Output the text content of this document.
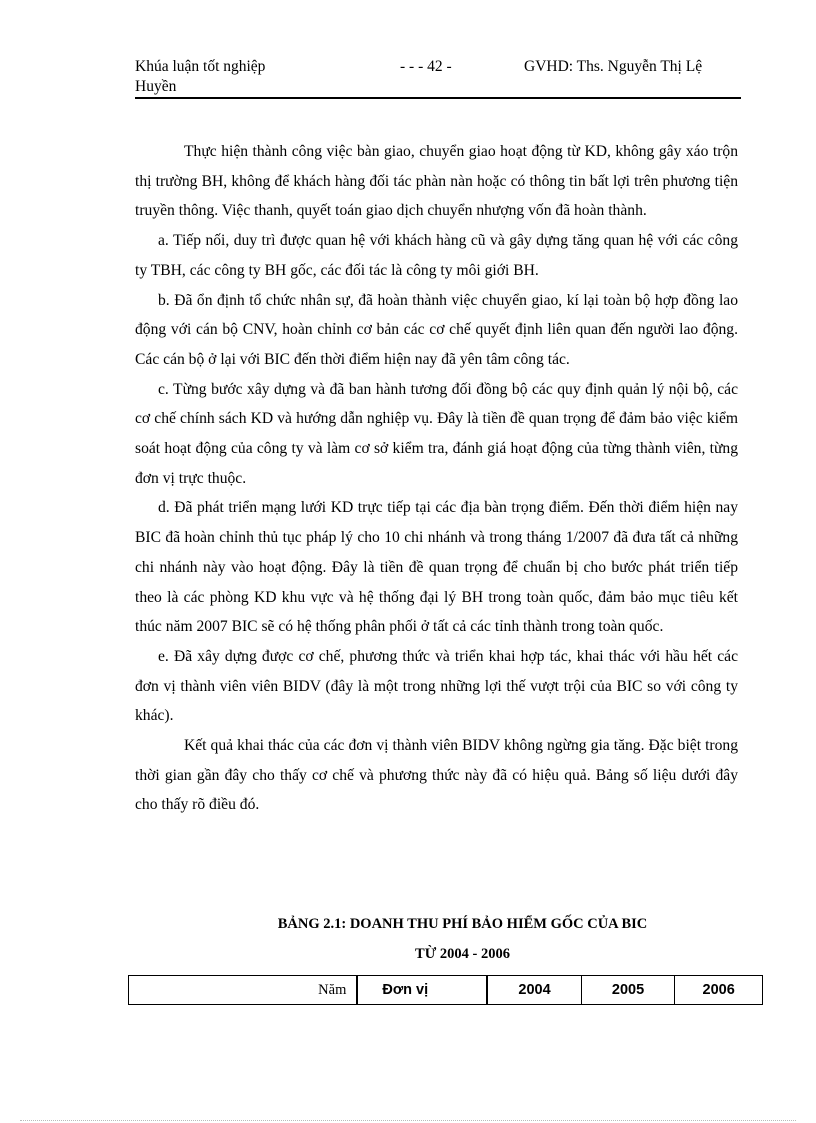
Khúa luận tốt nghiệp	- - - 42 -	GVHD: Ths. Nguyễn Thị Lệ
Huyền

Thực hiện thành công việc bàn giao, chuyển giao hoạt động từ KD, không gây xáo trộn thị trường BH, không để khách hàng đối tác phàn nàn hoặc có thông tin bất lợi trên phương tiện truyền thông. Việc thanh, quyết toán giao dịch chuyển nhượng vốn đã hoàn thành.

a. Tiếp nối, duy trì được quan hệ với khách hàng cũ và gây dựng tăng quan hệ với các công ty TBH, các công ty BH gốc, các đối tác là công ty môi giới BH.

b. Đã ổn định tổ chức nhân sự, đã hoàn thành việc chuyển giao, kí lại toàn bộ hợp đồng lao động với cán bộ CNV, hoàn chỉnh cơ bản các cơ chế quyết định liên quan đến người lao động. Các cán bộ ở lại với BIC đến thời điểm hiện nay đã yên tâm công tác.

c. Từng bước xây dựng và đã ban hành tương đối đồng bộ các quy định quản lý nội bộ, các cơ chế chính sách KD và hướng dẫn nghiệp vụ. Đây là tiền đề quan trọng để đảm bảo việc kiểm soát hoạt động của công ty và làm cơ sở kiểm tra, đánh giá hoạt động của từng thành viên, từng đơn vị trực thuộc.

d. Đã phát triển mạng lưới KD trực tiếp tại các địa bàn trọng điểm. Đến thời điểm hiện nay BIC đã hoàn chỉnh thủ tục pháp lý cho 10 chi nhánh và trong tháng 1/2007 đã đưa tất cả những chi nhánh này vào hoạt động. Đây là tiền đề quan trọng để chuẩn bị cho bước phát triển tiếp theo là các phòng KD khu vực và hệ thống đại lý BH trong toàn quốc, đảm bảo mục tiêu kết thúc năm 2007 BIC sẽ có hệ thống phân phối ở tất cả các tỉnh thành trong toàn quốc.

e. Đã xây dựng được cơ chế, phương thức và triển khai hợp tác, khai thác với hầu hết các đơn vị thành viên viên BIDV (đây là một trong những lợi thế vượt trội của BIC so với công ty khác).

Kết quả khai thác của các đơn vị thành viên BIDV không ngừng gia tăng. Đặc biệt trong thời gian gần đây cho thấy cơ chế và phương thức này đã có hiệu quả. Bảng số liệu dưới đây cho thấy rõ điều đó.

BẢNG 2.1: DOANH THU PHÍ BẢO HIỂM GỐC CỦA BIC
TỪ 2004 - 2006
Năm	Đơn vị	2004	2005	2006
